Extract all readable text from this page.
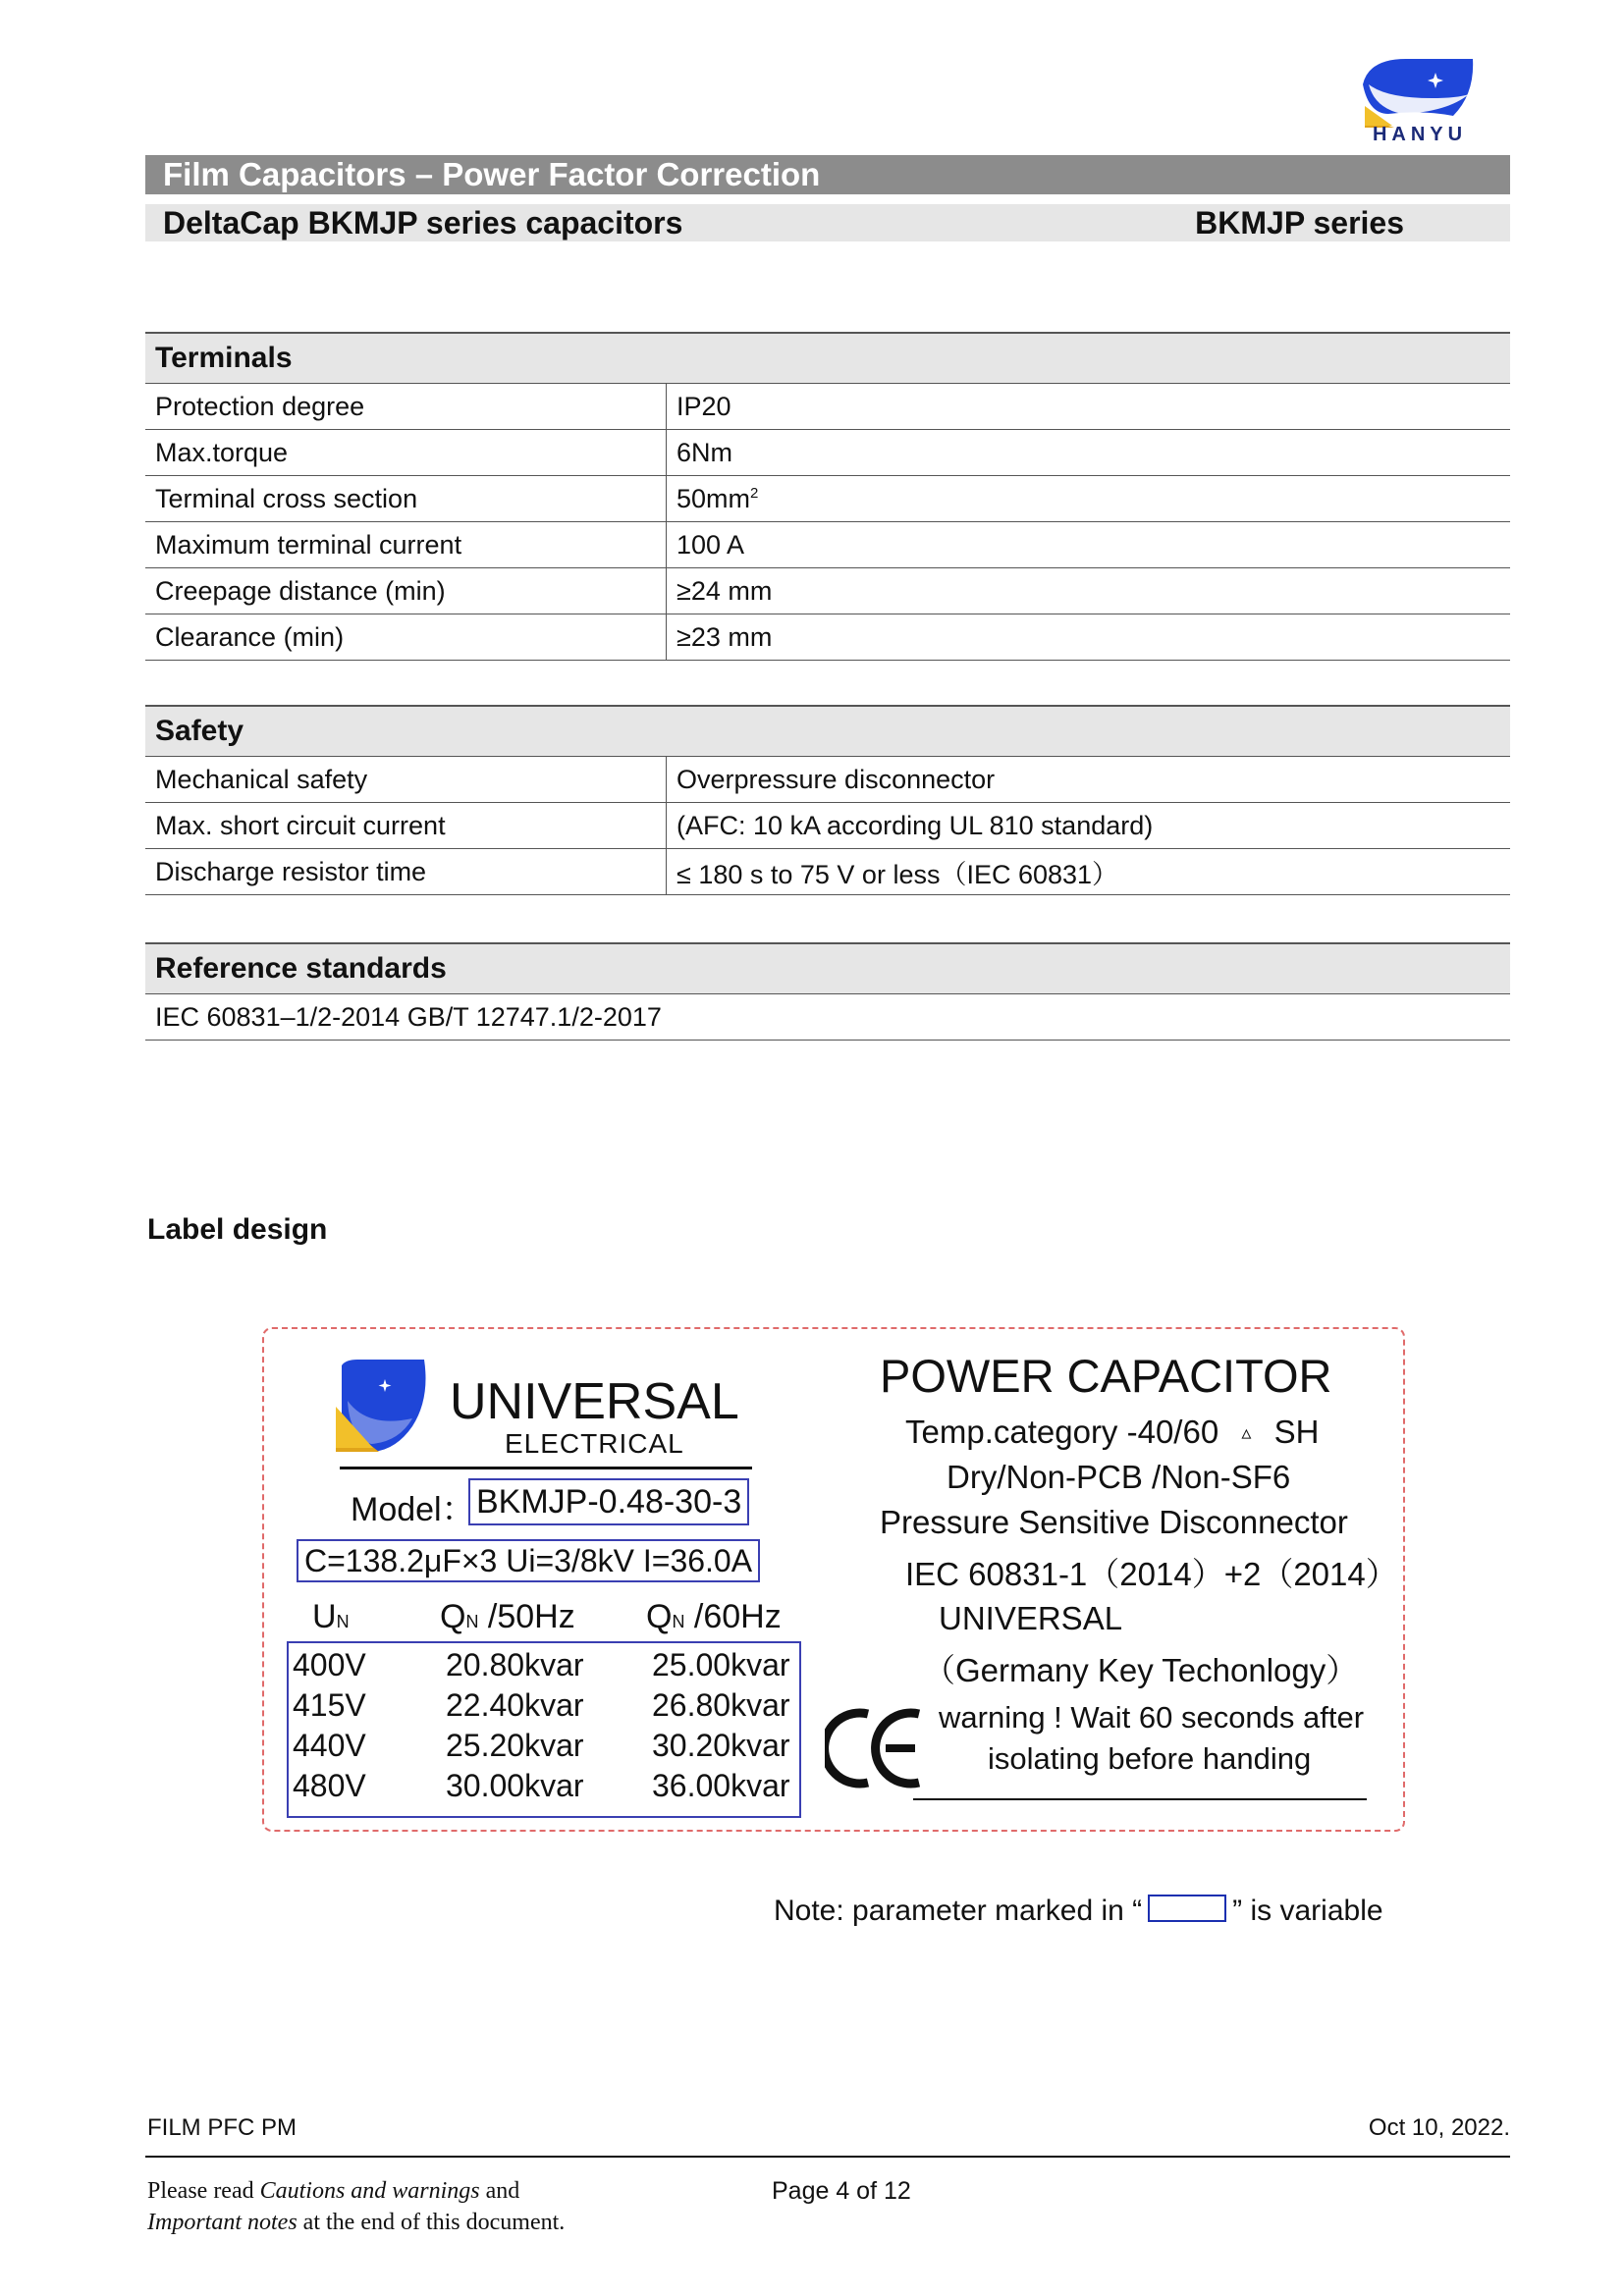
HANYU
Film Capacitors – Power Factor Correction
DeltaCap BKMJP series capacitors	BKMJP series
Terminals	
Protection degree	IP20
Max.torque	6Nm
Terminal cross section	$50mm^2$
Maximum terminal current	100 A
Creepage distance (min)	≥24 mm
Clearance (min)	≥23 mm
Safety	
Mechanical safety	Overpressure disconnector
Max. short circuit current	(AFC: 10 kA according UL 810 standard)
Discharge resistor time	≤ 180 s to 75 V or less（IEC 60831）
Reference standards
IEC 60831–1/2-2014 GB/T 12747.1/2-2017
Label design
UNIVERSAL
ELECTRICAL
Model： BKMJP-0.48-30-3
C=138.2μF×3 Ui=3/8kV I=36.0A
UN	QN /50Hz QN /60Hz
400V	20.80kvar 25.00kvar
415V	22.40kvar 26.80kvar
440V	25.20kvar 30.20kvar
480V	30.00kvar 36.00kvar
POWER CAPACITOR
Temp.category -40/60 ▵ SH
Dry/Non-PCB /Non-SF6
Pressure Sensitive Disconnector
IEC 60831-1（2014）+2（2014）
UNIVERSAL
（Germany Key Techonlogy）
warning ! Wait 60 seconds after
isolating before handing
Note: parameter marked in “	” is variable
FILM PFC PM	Oct 10, 2022.
Please read Cautions and warnings and
Important notes at the end of this document.
Page 4 of 12
